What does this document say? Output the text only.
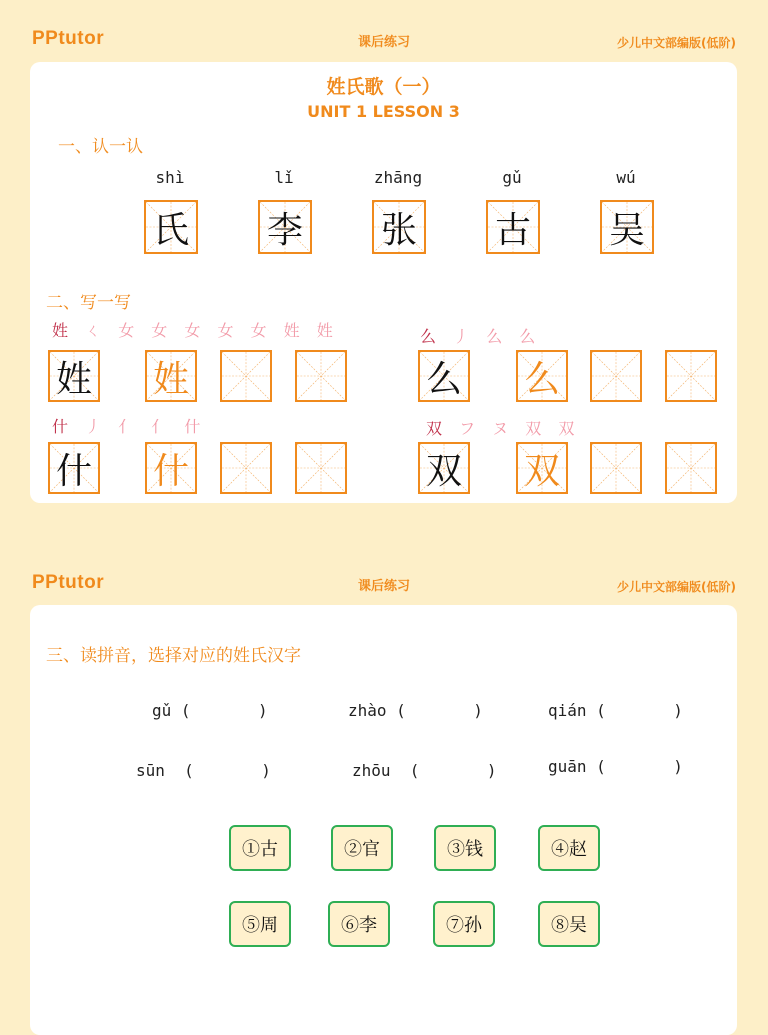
PPtutor	课后练习	少儿中文部编版(低阶)
姓氏歌（一）
UNIT 1 LESSON 3
一、认一认
shì	lǐ	zhāng	gǔ	wú
氏 李 张 古 吴
二、写一写
姓 ㄑ 女 女 女 女 女 姓 姓
姓 姓
么 丿 么 么
么 么
什 丿 亻 亻 什
什 什
双 フ ヌ 双 双
双 双
PPtutor	课后练习	少儿中文部编版(低阶)
三、读拼音，选择对应的姓氏汉字
gǔ (       )	zhào (       )	qián (       )
sūn  (       )	zhōu  (       )	guān (       )
①古	②官	③钱	④赵
⑤周	⑥李	⑦孙	⑧吴
